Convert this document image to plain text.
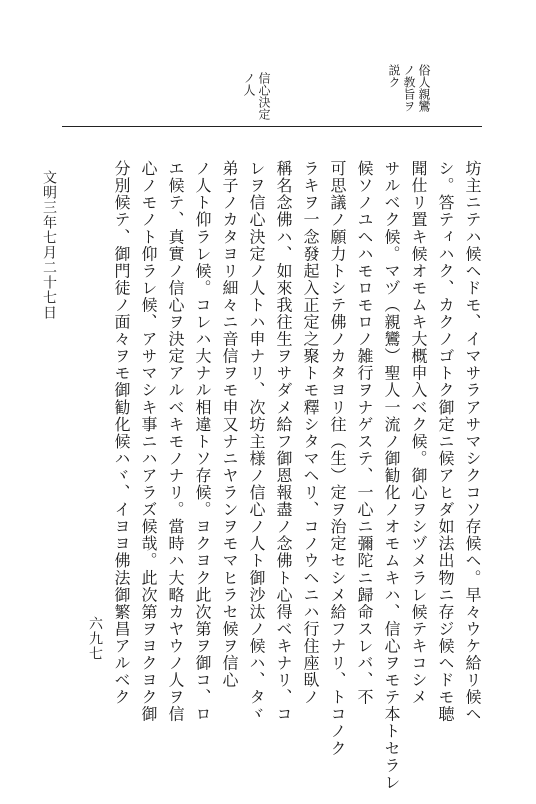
俗人親鸞
ノ教旨ヲ
説ク
信心決定
ノ人
坊主ニテハ候ヘドモ、イマサラアサマシクコソ存候ヘ。早々ウケ給リ候ヘ
シ。答ティハク、カクノゴトク御定ニ候アヒダ如法出物ニ存ジ候ヘドモ聴
聞仕リ置キ候オモムキ大概申入ベク候。御心ヲシヅメラレ候テキコシメ
サルベク候。マヅ（親鸞）聖人一流ノ御勧化ノオモムキハ、信心ヲモテ本トセラレ
候ソノユヘハモロモロノ雑行ヲナゲステ、一心ニ彌陀ニ歸命スレバ、不
可思議ノ願力トシテ佛ノカタヨリ往（生）定ヲ治定セシメ給フナリ、トコノク
ラキヲ一念發起入正定之聚トモ釋シタマヘリ、コノウヘニハ行住座臥ノ
稱名念佛ハ、如來我往生ヲサダメ給フ御恩報盡ノ念佛ト心得ベキナリ、コ
レヲ信心決定ノ人トハ申ナリ、次坊主様ノ信心ノ人ト御沙汰ノ候ハ、タヾ
弟子ノカタヨリ細々ニ音信ヲモ申又ナニヤランヲモマヒラセ候ヲ信心
ノ人ト仰ラレ候。コレハ大ナル相違トソ存候。ヨクヨク此次第ヲ御コ、ロ
エ候テ、真實ノ信心ヲ決定アルベキモノナリ。當時ハ大略カヤウノ人ヲ信
心ノモノト仰ラレ候、アサマシキ事ニハアラズ候哉。此次第ヲヨクヨク御
分別候テ、御門徒ノ面々ヲモ御勧化候ハヾ、イヨヨ佛法御繁昌アルベク
六九七
文明三年七月二十七日
